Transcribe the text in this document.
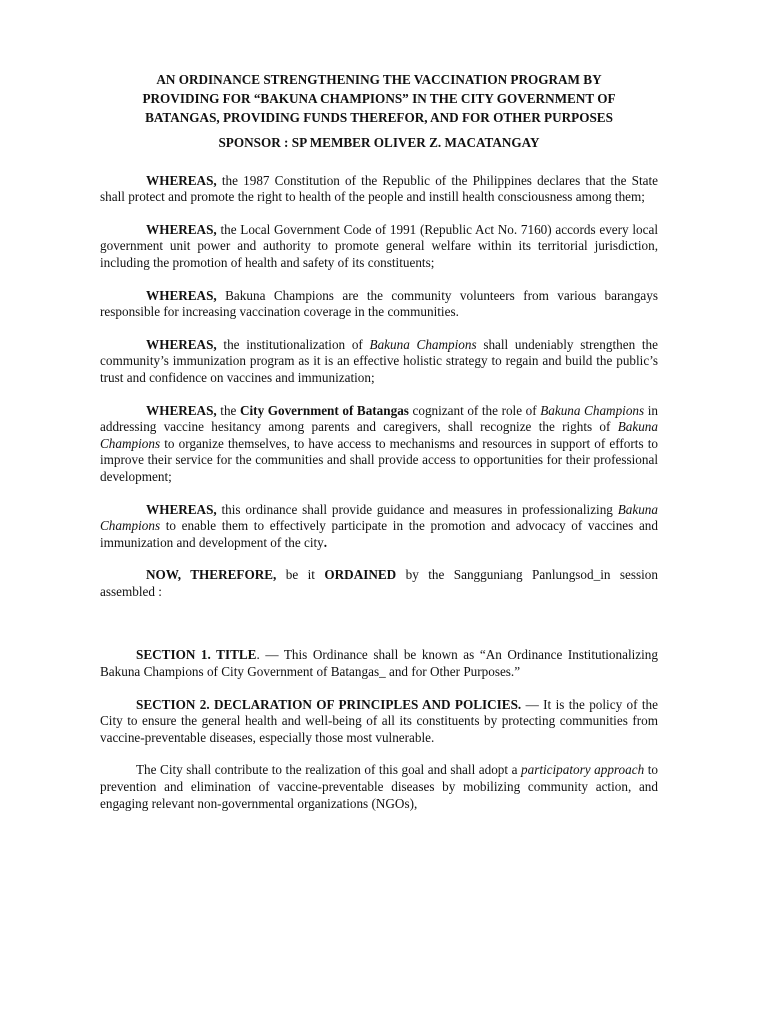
AN ORDINANCE STRENGTHENING THE VACCINATION PROGRAM BY
PROVIDING FOR “BAKUNA CHAMPIONS” IN THE CITY GOVERNMENT OF
BATANGAS, PROVIDING FUNDS THEREFOR, AND FOR OTHER PURPOSES
SPONSOR : SP MEMBER OLIVER Z. MACATANGAY

WHEREAS, the 1987 Constitution of the Republic of the Philippines declares that the State shall protect and promote the right to health of the people and instill health consciousness among them;

WHEREAS, the Local Government Code of 1991 (Republic Act No. 7160) accords every local government unit power and authority to promote general welfare within its territorial jurisdiction, including the promotion of health and safety of its constituents;

WHEREAS, Bakuna Champions are the community volunteers from various barangays responsible for increasing vaccination coverage in the communities.

WHEREAS, the institutionalization of Bakuna Champions shall undeniably strengthen the community’s immunization program as it is an effective holistic strategy to regain and build the public’s trust and confidence on vaccines and immunization;

WHEREAS, the City Government of Batangas cognizant of the role of Bakuna Champions in addressing vaccine hesitancy among parents and caregivers, shall recognize the rights of Bakuna Champions to organize themselves, to have access to mechanisms and resources in support of efforts to improve their service for the communities and shall provide access to opportunities for their professional development;

WHEREAS, this ordinance shall provide guidance and measures in professionalizing Bakuna Champions to enable them to effectively participate in the promotion and advocacy of vaccines and immunization and development of the city.

NOW, THEREFORE, be it ORDAINED by the Sangguniang Panlungsod_in session assembled :

SECTION 1. TITLE. — This Ordinance shall be known as “An Ordinance Institutionalizing Bakuna Champions of City Government of Batangas_ and for Other Purposes.”

SECTION 2. DECLARATION OF PRINCIPLES AND POLICIES. — It is the policy of the City to ensure the general health and well-being of all its constituents by protecting communities from vaccine-preventable diseases, especially those most vulnerable.

The City shall contribute to the realization of this goal and shall adopt a participatory approach to prevention and elimination of vaccine-preventable diseases by mobilizing community action, and engaging relevant non-governmental organizations (NGOs),
